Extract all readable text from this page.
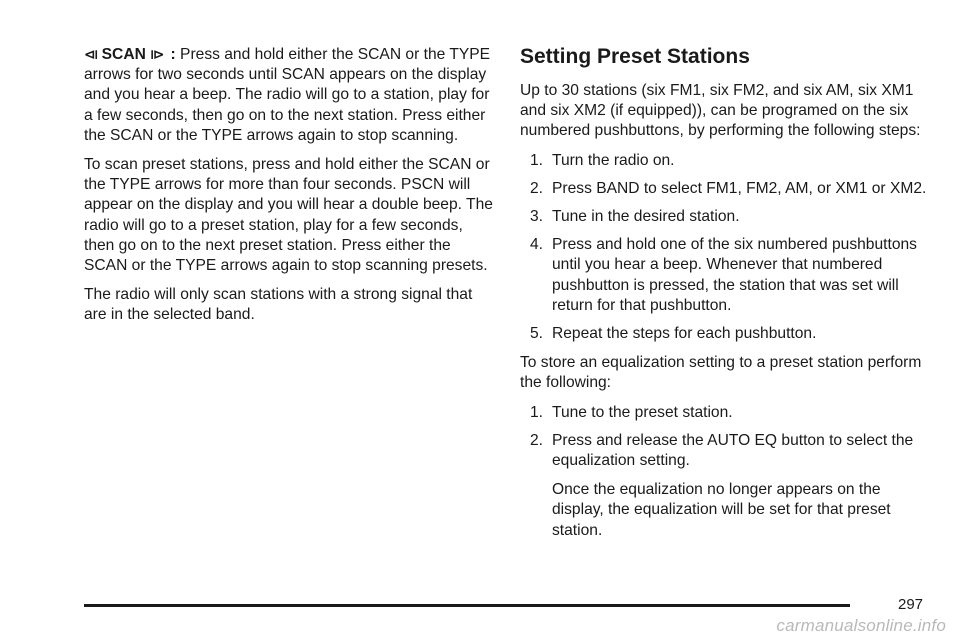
⧏ SCAN ⧐ : Press and hold either the SCAN or the TYPE arrows for two seconds until SCAN appears on the display and you hear a beep. The radio will go to a station, play for a few seconds, then go on to the next station. Press either the SCAN or the TYPE arrows again to stop scanning.

To scan preset stations, press and hold either the SCAN or the TYPE arrows for more than four seconds. PSCN will appear on the display and you will hear a double beep. The radio will go to a preset station, play for a few seconds, then go on to the next preset station. Press either the SCAN or the TYPE arrows again to stop scanning presets.

The radio will only scan stations with a strong signal that are in the selected band.

Setting Preset Stations

Up to 30 stations (six FM1, six FM2, and six AM, six XM1 and six XM2 (if equipped)), can be programed on the six numbered pushbuttons, by performing the following steps:

1. Turn the radio on.
2. Press BAND to select FM1, FM2, AM, or XM1 or XM2.
3. Tune in the desired station.
4. Press and hold one of the six numbered pushbuttons until you hear a beep. Whenever that numbered pushbutton is pressed, the station that was set will return for that pushbutton.
5. Repeat the steps for each pushbutton.

To store an equalization setting to a preset station perform the following:

1. Tune to the preset station.
2. Press and release the AUTO EQ button to select the equalization setting.

Once the equalization no longer appears on the display, the equalization will be set for that preset station.

297
carmanualsonline.info
